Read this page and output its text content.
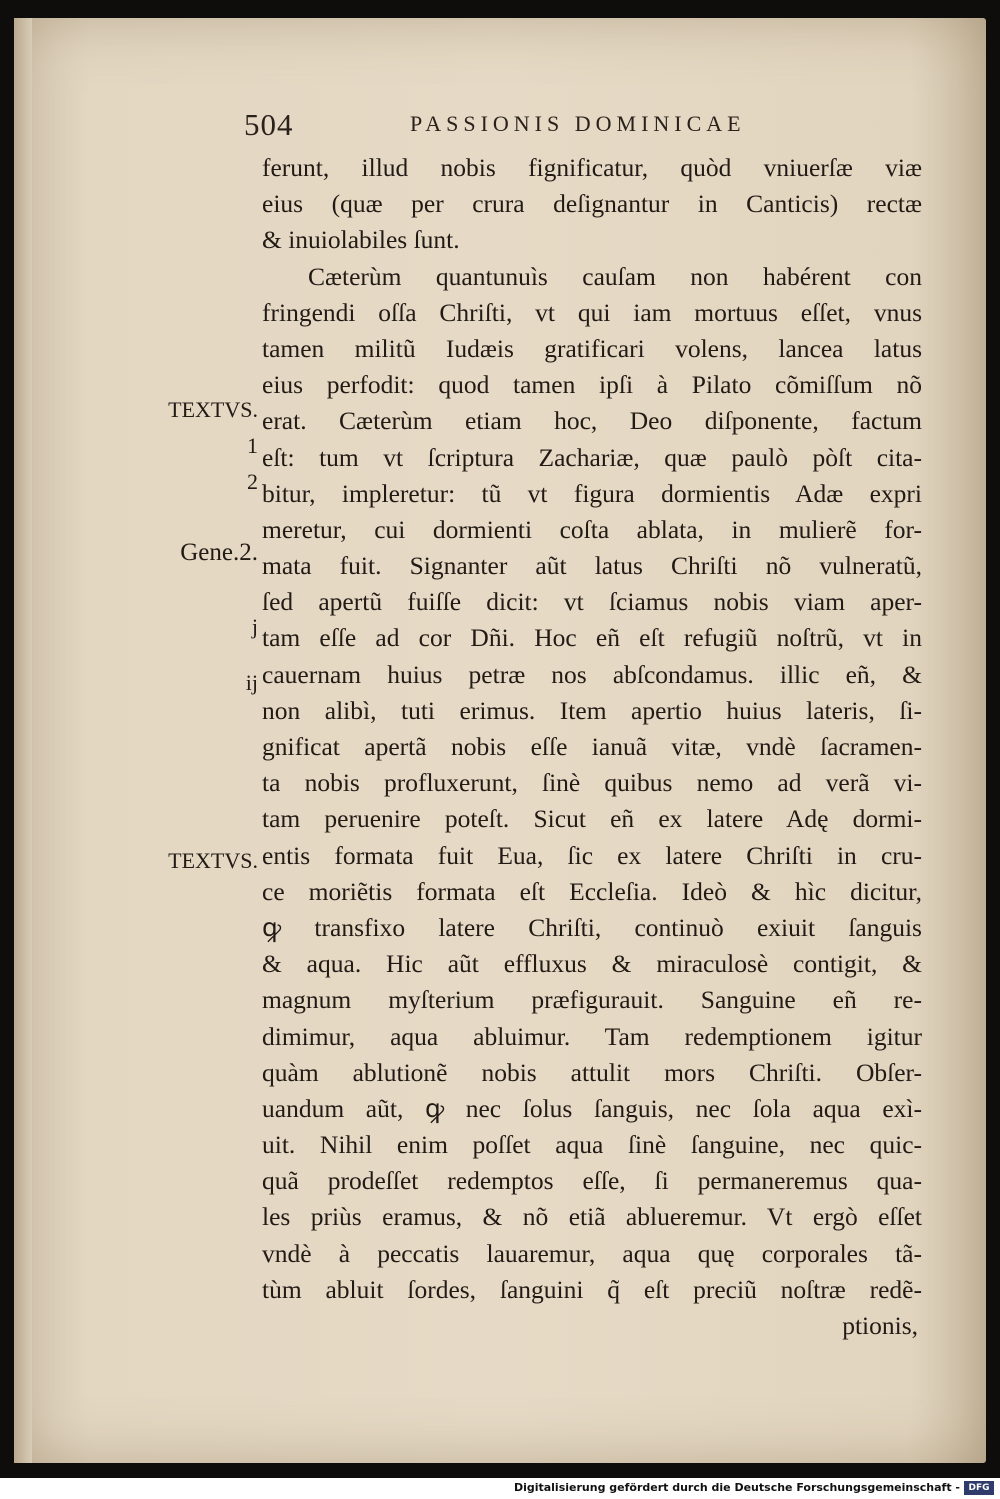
504	PASSIONIS DOMINICAE
TEXTVS.
1
2
Gene.2.
j
ij
TEXTVS.
ferunt, illud nobis fignificatur, quòd vniuerſæ viæ
eius (quæ per crura deſignantur in Canticis) rectæ
& inuiolabiles ſunt.
Cæterùm quantunuìs cauſam non habérent con
fringendi oſſa Chriſti, vt qui iam mortuus eſſet, vnus
tamen militũ Iudæis gratificari volens, lancea latus
eius perfodit: quod tamen ipſi à Pilato cõmiſſum nõ
erat. Cæterùm etiam hoc, Deo diſponente, factum
eſt: tum vt ſcriptura Zachariæ, quæ paulò pòſt cita-
bitur, impleretur: tũ vt figura dormientis Adæ expri
meretur, cui dormienti coſta ablata, in mulierẽ for-
mata fuit. Signanter aũt latus Chriſti nõ vulneratũ,
ſed apertũ fuiſſe dicit: vt ſciamus nobis viam aper-
tam eſſe ad cor Dñi. Hoc eñ eſt refugiũ noſtrũ, vt in
cauernam huius petræ nos abſcondamus. illic eñ, &
non alibì, tuti erimus. Item apertio huius lateris, ſi-
gnificat apertã nobis eſſe ianuã vitæ, vndè ſacramen-
ta nobis profluxerunt, ſinè quibus nemo ad verã vi-
tam peruenire poteſt. Sicut eñ ex latere Adę dormi-
entis formata fuit Eua, ſic ex latere Chriſti in cru-
ce moriẽtis formata eſt Eccleſia. Ideò & hìc dicitur,
ꝙ transfixo latere Chriſti, continuò exiuit ſanguis
& aqua. Hic aũt effluxus & miraculosè contigit, &
magnum myſterium præfigurauit. Sanguine eñ re-
dimimur, aqua abluimur. Tam redemptionem igitur
quàm ablutionẽ nobis attulit mors Chriſti. Obſer-
uandum aũt, ꝙ nec ſolus ſanguis, nec ſola aqua exì-
uit. Nihil enim poſſet aqua ſinè ſanguine, nec quic-
quã prodeſſet redemptos eſſe, ſi permaneremus qua-
les priùs eramus, & nõ etiã ablueremur. Vt ergò eſſet
vndè à peccatis lauaremur, aqua quę corporales tã-
tùm abluit ſordes, ſanguini q̃ eſt preciũ noſtræ redẽ-
ptionis,
Digitalisierung gefördert durch die Deutsche Forschungsgemeinschaft - DFG
